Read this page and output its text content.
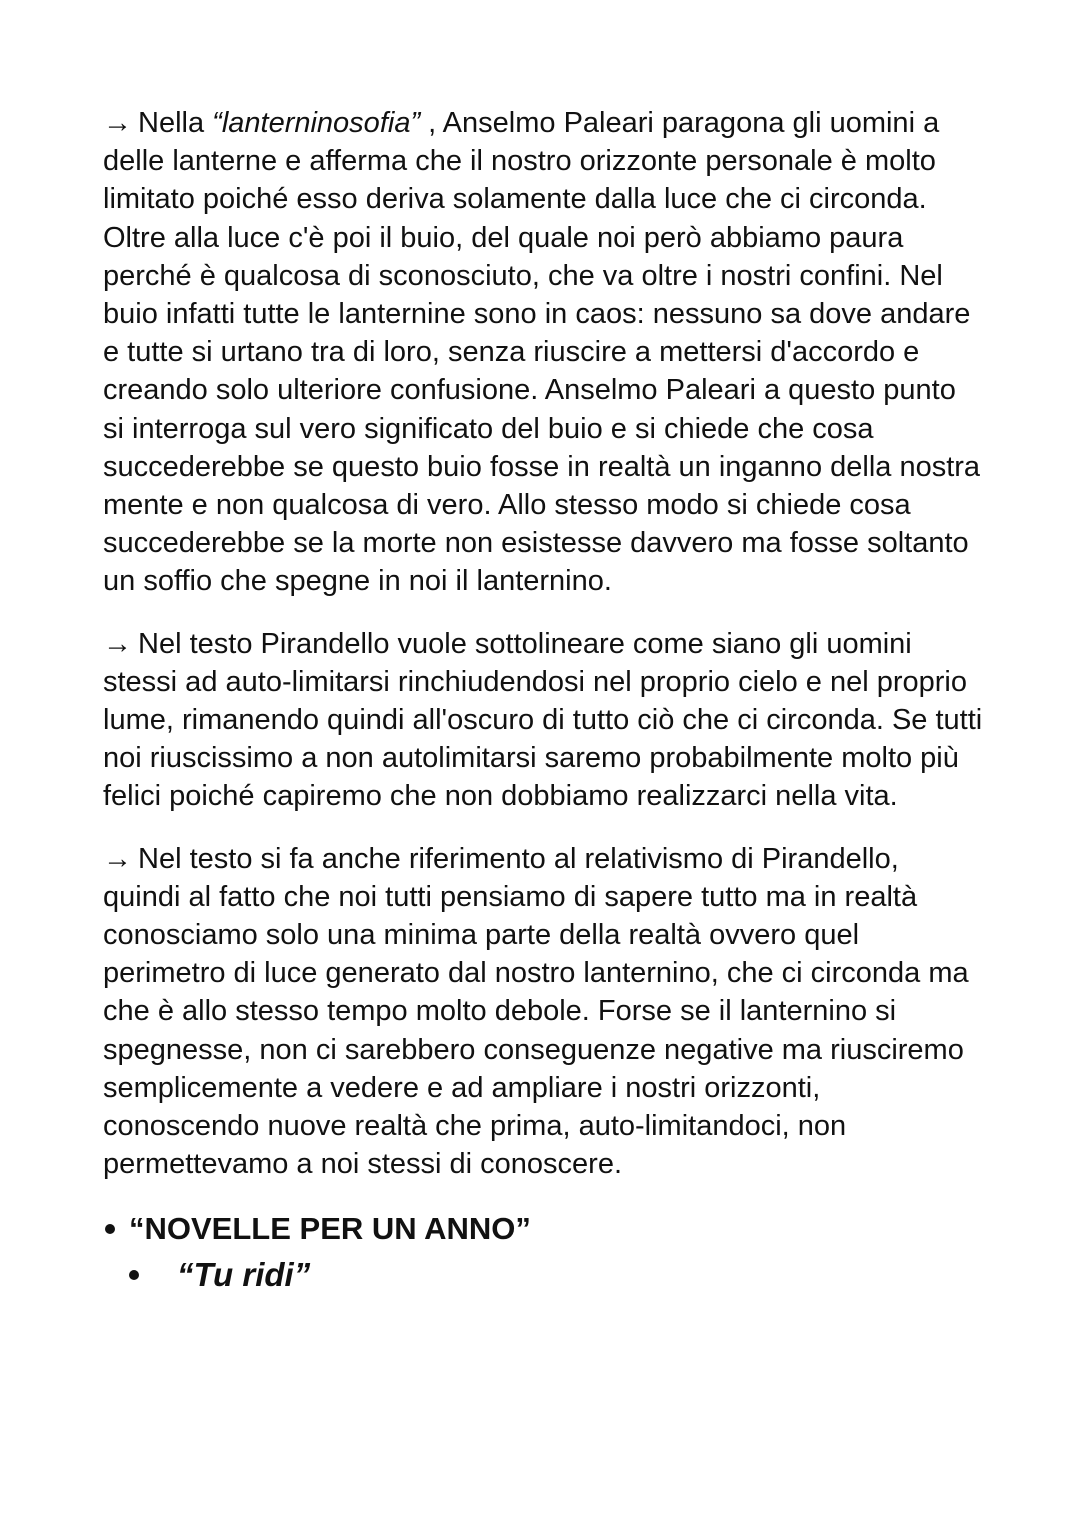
→ Nella “lanterninosofia” , Anselmo Paleari paragona gli uomini a delle lanterne e afferma che il nostro orizzonte personale è molto limitato poiché esso deriva solamente dalla luce che ci circonda. Oltre alla luce c'è poi il buio, del quale noi però abbiamo paura perché è qualcosa di sconosciuto, che va oltre i nostri confini. Nel buio infatti tutte le lanternine sono in caos: nessuno sa dove andare e tutte si urtano tra di loro, senza riuscire a mettersi d'accordo e creando solo ulteriore confusione. Anselmo Paleari a questo punto si interroga sul vero significato del buio e si chiede che cosa succederebbe se questo buio fosse in realtà un inganno della nostra mente e non qualcosa di vero. Allo stesso modo si chiede cosa succederebbe se la morte non esistesse davvero ma fosse soltanto un soffio che spegne in noi il lanternino.

→ Nel testo Pirandello vuole sottolineare come siano gli uomini stessi ad auto-limitarsi rinchiudendosi nel proprio cielo e nel proprio lume, rimanendo quindi all'oscuro di tutto ciò che ci circonda. Se tutti noi riuscissimo a non autolimitarsi saremo probabilmente molto più felici poiché capiremo che non dobbiamo realizzarci nella vita.

→ Nel testo si fa anche riferimento al relativismo di Pirandello, quindi al fatto che noi tutti pensiamo di sapere tutto ma in realtà conosciamo solo una minima parte della realtà ovvero quel perimetro di luce generato dal nostro lanternino, che ci circonda ma che è allo stesso tempo molto debole. Forse se il lanternino si spegnesse, non ci sarebbero conseguenze negative ma riusciremo semplicemente a vedere e ad ampliare i nostri orizzonti, conoscendo nuove realtà che prima, auto-limitandoci, non permettevamo a noi stessi di conoscere.

“NOVELLE PER UN ANNO”
“Tu ridi”
